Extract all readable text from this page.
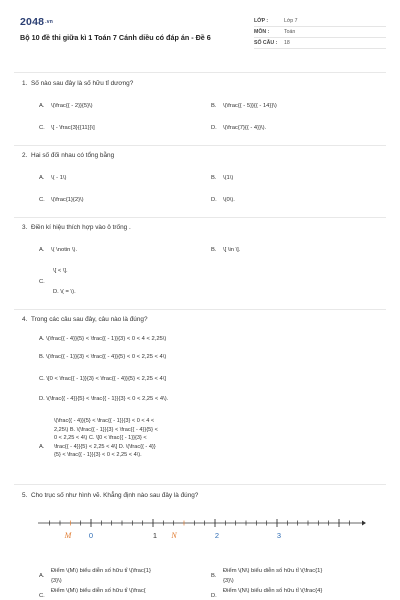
2048.vn
Bộ 10 đề thi giữa kì 1 Toán 7 Cánh diều có đáp án - Đề 6
LỚP :	Lớp 7
MÔN :	Toán
SỐ CÂU :	18
1. Số nào sau đây là số hữu tỉ dương?
A.	\(\frac{{ - 2}}{5}\)	B.	\(\frac{{ - 5}}{{ - 14}}\)
C.	\[ - \frac{3}{{11}}\]	D.	\(\frac{7}{{ - 4}}\).
2. Hai số đối nhau có tổng bằng
A.	\( - 1\)	B.	\(1\)
C.	\(\frac{1}{2}\)	D.	\(0\).
3. Điền kí hiệu thích hợp vào ô trống .
A.	\( \notin \).	B.	\[ \in \].
\[ < \].
C.
D. \( = \).
4. Trong các câu sau đây, câu nào là đúng?
A. \(\frac{{ - 4}}{5} < \frac{{ - 1}}{3} < 0 < 4 < 2,25\)
B. \(\frac{{ - 1}}{3} < \frac{{ - 4}}{5} < 0 < 2,25 < 4\)
C. \[0 < \frac{{ - 1}}{3} < \frac{{ - 4}}{5} < 2,25 < 4\]
D. \(\frac{{ - 4}}{5} < \frac{{ - 1}}{3} < 0 < 2,25 < 4\).
A.
\(\frac{{ - 4}}{5} < \frac{{ - 1}}{3} < 0 < 4 <
2,25\) B. \(\frac{{ - 1}}{3} < \frac{{ - 4}}{5} <
0 < 2,25 < 4\) C. \[0 < \frac{{ - 1}}{3} <
\frac{{ - 4}}{5} < 2,25 < 4\] D. \(\frac{{ - 4}}
{5} < \frac{{ - 1}}{3} < 0 < 2,25 < 4\).
5. Cho trục số như hình vẽ. Khẳng định nào sau đây là đúng?
M 0	1 N	2	3
A.
Điểm \(M\) biểu diễn số hữu tỉ \(\frac{1}
{3}\)
B.
Điểm \(N\) biểu diễn số hữu tỉ \(\frac{1}
{3}\)
C.
Điểm \(M\) biểu diễn số hữu tỉ \(\frac{
D.
Điểm \(N\) biểu diễn số hữu tỉ \(\frac{4}
